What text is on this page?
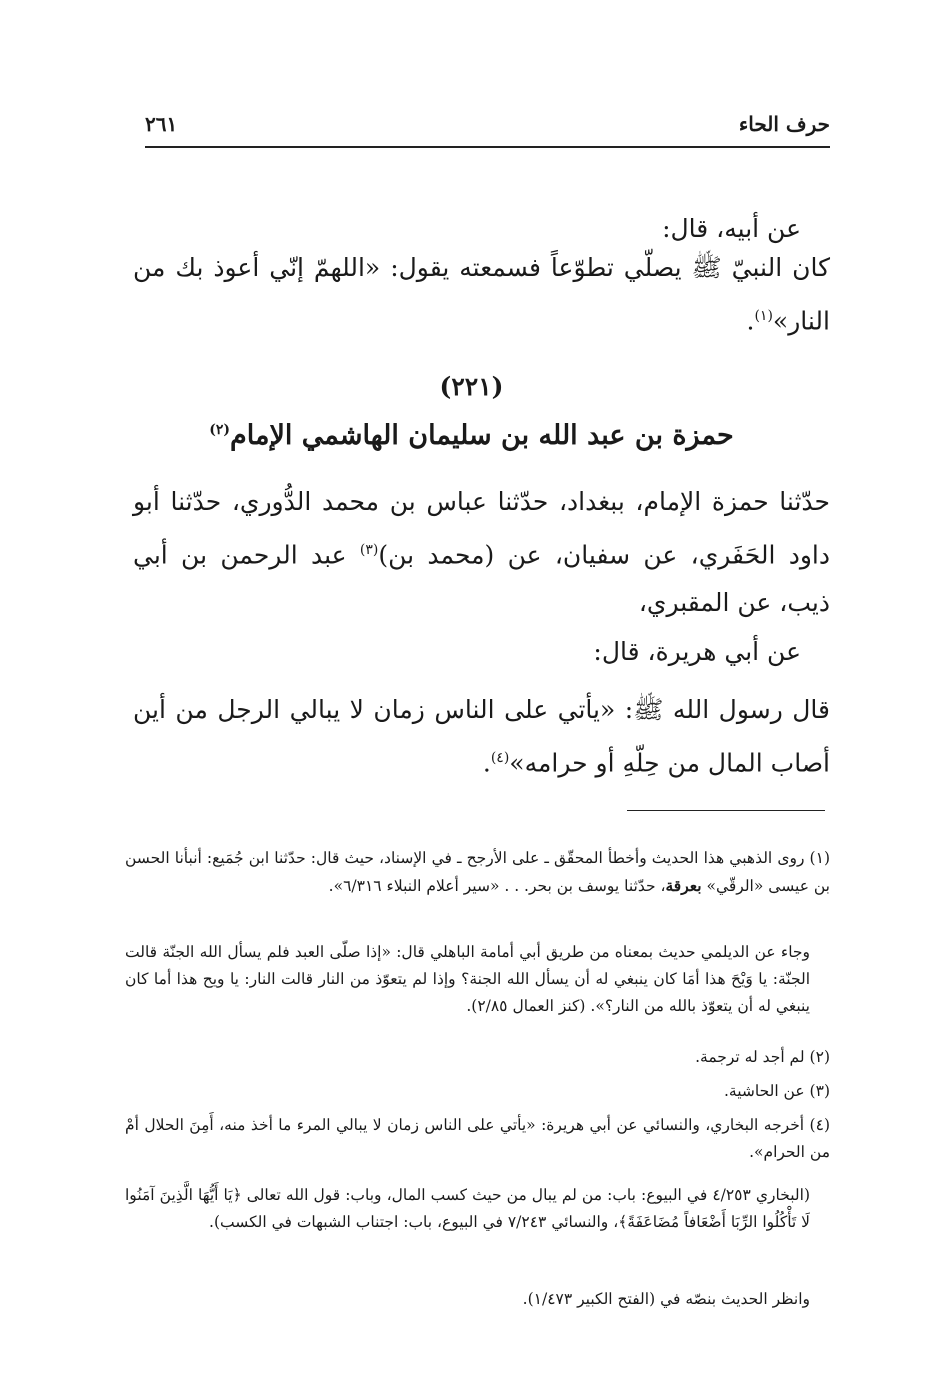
حرف الحاء
٢٦١
عن أبيه، قال:
كان النبيّ ﷺ يصلّي تطوّعاً فسمعته يقول: «اللهمّ إنّي أعوذ بك من النار»$^{(١)}$.
(٢٢١)
حمزة بن عبد الله بن سليمان الهاشمي الإمام$^{(٢)}$
حدّثنا حمزة الإمام، ببغداد، حدّثنا عباس بن محمد الدُّوري، حدّثنا أبو داود الحَفَري، عن سفيان، عن (محمد بن)$^{(٣)}$ عبد الرحمن بن أبي ذيب، عن المقبري،
عن أبي هريرة، قال:
قال رسول الله ﷺ: «يأتي على الناس زمان لا يبالي الرجل من أين أصاب المال من حِلّهِ أو حرامه»$^{(٤)}$.
(١) روى الذهبي هذا الحديث وأخطأ المحقّق ـ على الأرجح ـ في الإسناد، حيث قال: حدّثنا ابن جُمَيع: أنبأنا الحسن بن عيسى «الرقّي» بعرقة، حدّثنا يوسف بن بحر. . . «سير أعلام النبلاء ٦/٣١٦».
وجاء عن الديلمي حديث بمعناه من طريق أبي أمامة الباهلي قال: «إذا صلّى العبد فلم يسأل الله الجنّة قالت الجنّة: يا وَيْحَ هذا أمَا كان ينبغي له أن يسأل الله الجنة؟ وإذا لم يتعوّذ من النار قالت النار: يا ويح هذا أما كان ينبغي له أن يتعوّذ بالله من النار؟». (كنز العمال ٢/٨٥).
(٢) لم أجد له ترجمة.
(٣) عن الحاشية.
(٤) أخرجه البخاري، والنسائي عن أبي هريرة: «يأتي على الناس زمان لا يبالي المرء ما أخذ منه، أَمِنَ الحلال أمْ من الحرام».
(البخاري ٤/٢٥٣ في البيوع: باب: من لم يبال من حيث كسب المال، وباب: قول الله تعالى ﴿يَا أَيُّهَا الَّذِينَ آمَنُوا لَا تَأْكُلُوا الرِّبَا أَضْعَافاً مُضَاعَفَةً﴾، والنسائي ٧/٢٤٣ في البيوع، باب: اجتناب الشبهات في الكسب).
وانظر الحديث بنصّه في (الفتح الكبير ١/٤٧٣).
